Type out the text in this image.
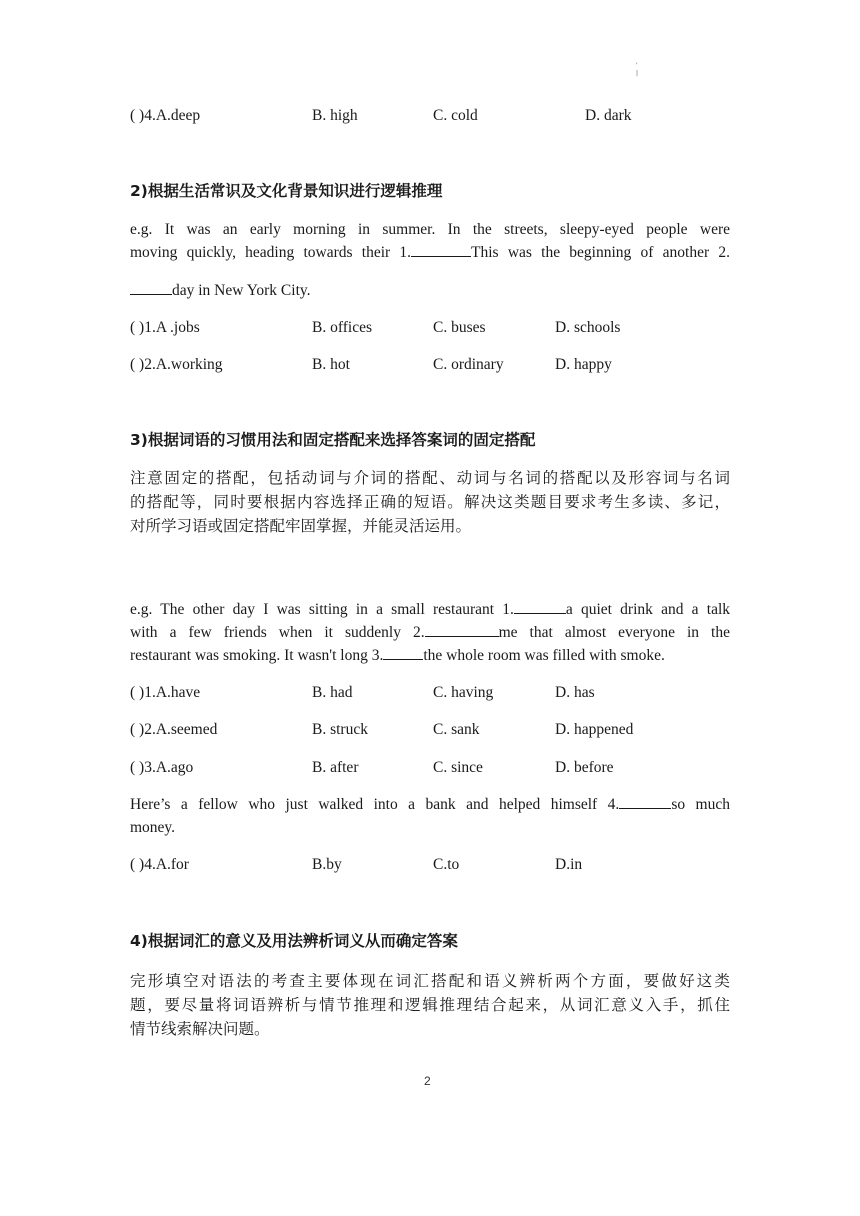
'
|
( )4.A.deep	B. high	C. cold	D. dark
2)根据生活常识及文化背景知识进行逻辑推理
e.g. It was an early morning in summer. In the streets, sleepy-eyed people were
moving quickly, heading towards their 1.	This was the beginning of another 2.
day in New York City.
( )1.A .jobs	B. offices	C. buses	D. schools
( )2.A.working	B. hot	C. ordinary	D. happy
3)根据词语的习惯用法和固定搭配来选择答案词的固定搭配
注意固定的搭配，包括动词与介词的搭配、动词与名词的搭配以及形容词与名词
的搭配等，同时要根据内容选择正确的短语。解决这类题目要求考生多读、多记，
对所学习语或固定搭配牢固掌握，并能灵活运用。
e.g. The other day I was sitting in a small restaurant 1.	a quiet drink and a talk
with a few friends when it suddenly 2.	me that almost everyone in the
restaurant was smoking. It wasn't long 3.	the whole room was filled with smoke.
( )1.A.have	B. had	C. having	D. has
( )2.A.seemed	B. struck	C. sank	D. happened
( )3.A.ago	B. after	C. since	D. before
Here’s a fellow who just walked into a bank and helped himself 4.	so much
money.
( )4.A.for	B.by	C.to	D.in
4)根据词汇的意义及用法辨析词义从而确定答案
完形填空对语法的考查主要体现在词汇搭配和语义辨析两个方面，要做好这类
题，要尽量将词语辨析与情节推理和逻辑推理结合起来，从词汇意义入手，抓住
情节线索解决问题。
2
